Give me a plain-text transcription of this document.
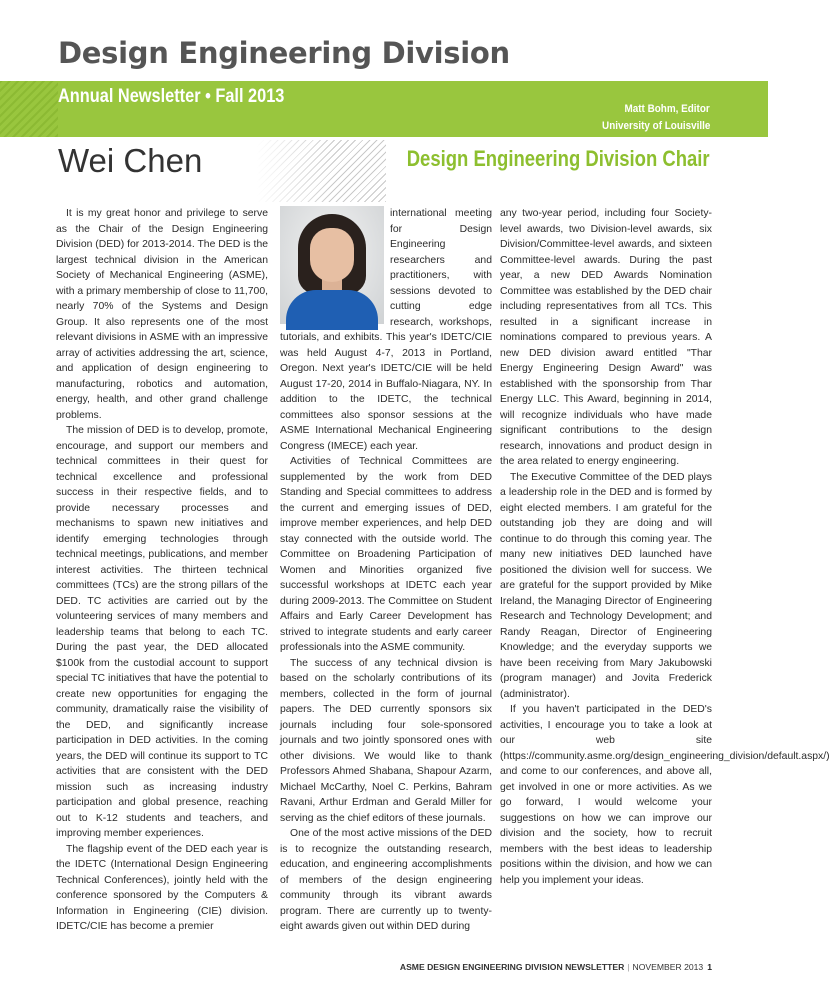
Design Engineering Division
Annual Newsletter • Fall 2013
Matt Bohm, Editor
University of Louisville
Wei Chen	Design Engineering Division Chair

It is my great honor and privilege to serve as the Chair of the Design Engineering Division (DED) for 2013-2014. The DED is the largest technical division in the American Society of Mechanical Engineering (ASME), with a primary membership of close to 11,700, nearly 70% of the Systems and Design Group. It also represents one of the most relevant divisions in ASME with an impressive array of activities addressing the art, science, and application of design engineering to manufacturing, robotics and automation, energy, health, and other grand challenge problems.

The mission of DED is to develop, promote, encourage, and support our members and technical committees in their quest for technical excellence and professional success in their respective fields, and to provide necessary processes and mechanisms to spawn new initiatives and identify emerging technologies through technical meetings, publications, and member interest activities. The thirteen technical committees (TCs) are the strong pillars of the DED. TC activities are carried out by the volunteering services of many members and leadership teams that belong to each TC. During the past year, the DED allocated $100k from the custodial account to support special TC initiatives that have the potential to create new opportunities for engaging the community, dramatically raise the visibility of the DED, and significantly increase participation in DED activities. In the coming years, the DED will continue its support to TC activities that are consistent with the DED mission such as increasing industry participation and global presence, reaching out to K-12 students and teachers, and improving member experiences.

The flagship event of the DED each year is the IDETC (International Design Engineering Technical Conferences), jointly held with the conference sponsored by the Computers & Information in Engineering (CIE) division. IDETC/CIE has become a premier

international meeting for Design Engineering researchers and practitioners, with sessions devoted to cutting edge research, workshops, tutorials, and exhibits. This year's IDETC/CIE was held August 4-7, 2013 in Portland, Oregon. Next year's IDETC/CIE will be held August 17-20, 2014 in Buffalo-Niagara, NY. In addition to the IDETC, the technical committees also sponsor sessions at the ASME International Mechanical Engineering Congress (IMECE) each year.

Activities of Technical Committees are supplemented by the work from DED Standing and Special committees to address the current and emerging issues of DED, improve member experiences, and help DED stay connected with the outside world. The Committee on Broadening Participation of Women and Minorities organized five successful workshops at IDETC each year during 2009-2013. The Committee on Student Affairs and Early Career Development has strived to integrate students and early career professionals into the ASME community.

The success of any technical divsion is based on the scholarly contributions of its members, collected in the form of journal papers. The DED currently sponsors six journals including four sole-sponsored journals and two jointly sponsored ones with other divisions. We would like to thank Professors Ahmed Shabana, Shapour Azarm, Michael McCarthy, Noel C. Perkins, Bahram Ravani, Arthur Erdman and Gerald Miller for serving as the chief editors of these journals.

One of the most active missions of the DED is to recognize the outstanding research, education, and engineering accomplishments of members of the design engineering community through its vibrant awards program. There are currently up to twenty-eight awards given out within DED during

any two-year period, including four Society-level awards, two Division-level awards, six Division/Committee-level awards, and sixteen Committee-level awards. During the past year, a new DED Awards Nomination Committee was established by the DED chair including representatives from all TCs. This resulted in a significant increase in nominations compared to previous years. A new DED division award entitled "Thar Energy Engineering Design Award" was established with the sponsorship from Thar Energy LLC. This Award, beginning in 2014, will recognize individuals who have made significant contributions to the design research, innovations and product design in the area related to energy engineering.

The Executive Committee of the DED plays a leadership role in the DED and is formed by eight elected members. I am grateful for the outstanding job they are doing and will continue to do through this coming year. The many new initiatives DED launched have positioned the division well for success. We are grateful for the support provided by Mike Ireland, the Managing Director of Engineering Research and Technology Development; and Randy Reagan, Director of Engineering Knowledge; and the everyday supports we have been receiving from Mary Jakubowski (program manager) and Jovita Frederick (administrator).

If you haven't participated in the DED's activities, I encourage you to take a look at our web site (https://community.asme.org/design_engineering_division/default.aspx/) and come to our conferences, and above all, get involved in one or more activities. As we go forward, I would welcome your suggestions on how we can improve our division and the society, how to recruit members with the best ideas to leadership positions within the division, and how we can help you implement your ideas.

ASME DESIGN ENGINEERING DIVISION NEWSLETTER | NOVEMBER 2013 1
